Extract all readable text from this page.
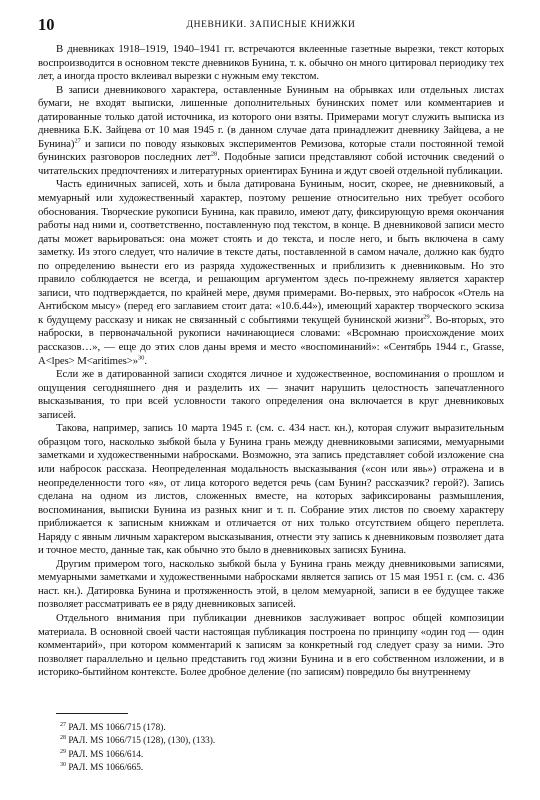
10	ДНЕВНИКИ. ЗАПИСНЫЕ КНИЖКИ

В дневниках 1918–1919, 1940–1941 гг. встречаются вклеенные газетные вырезки, текст которых воспроизводится в основном тексте дневников Бунина, т. к. обычно он много цитировал периодику тех лет, а иногда просто вклеивал вырезки с нужным ему текстом.

В записи дневникового характера, оставленные Буниным на обрывках или отдельных листах бумаги, не входят выписки, лишенные дополнительных бунинских помет или комментариев и датированные только датой источника, из которого они взяты. Примерами могут служить выписка из дневника Б.К. Зайцева от 10 мая 1945 г. (в данном случае дата принадлежит дневнику Зайцева, а не Бунина)$^{27}$ и записи по поводу языковых экспериментов Ремизова, которые стали постоянной темой бунинских разговоров последних лет$^{28}$. Подобные записи представляют собой источник сведений о читательских предпочтениях и литературных ориентирах Бунина и ждут своей отдельной публикации.

Часть единичных записей, хоть и была датирована Буниным, носит, скорее, не дневниковый, а мемуарный или художественный характер, поэтому решение относительно них требует особого обоснования. Творческие рукописи Бунина, как правило, имеют дату, фиксирующую время окончания работы над ними и, соответственно, поставленную под текстом, в конце. В дневниковой записи место даты может варьироваться: она может стоять и до текста, и после него, и быть включена в саму заметку. Из этого следует, что наличие в тексте даты, поставленной в самом начале, должно как будто по определению вынести его из разряда художественных и приблизить к дневниковым. Но это правило соблюдается не всегда, и решающим аргументом здесь по-прежнему является характер записи, что подтверждается, по крайней мере, двумя примерами. Во-первых, это набросок «Отель на Антибском мысу» (перед его заглавием стоит дата: «10.6.44»), имеющий характер творческого эскиза к будущему рассказу и никак не связанный с событиями текущей бунинской жизни$^{29}$. Во-вторых, это наброски, в первоначальной рукописи начинающиеся словами: «Всромнаю происхождение моих рассказов…», — еще до этих слов даны время и место «воспоминаний»: «Сентябрь 1944 г., Grasse, A<lpes> M<aritimes>»$^{30}$.

Если же в датированной записи сходятся личное и художественное, воспоминания о прошлом и ощущения сегодняшнего дня и разделить их — значит нарушить целостность запечатленного высказывания, то при всей условности такого определения она включается в круг дневниковых записей.

Такова, например, запись 10 марта 1945 г. (см. с. 434 наст. кн.), которая служит выразительным образцом того, насколько зыбкой была у Бунина грань между дневниковыми записями, мемуарными заметками и художественными набросками. Возможно, эта запись представляет собой изложение сна или набросок рассказа. Неопределенная модальность высказывания («сон или явь») отражена и в неопределенности того «я», от лица которого ведется речь (сам Бунин? рассказчик? герой?). Запись сделана на одном из листов, сложенных вместе, на которых зафиксированы размышления, воспоминания, выписки Бунина из разных книг и т. п. Собрание этих листов по своему характеру приближается к записным книжкам и отличается от них только отсутствием общего переплета. Наряду с явным личным характером высказывания, отнести эту запись к дневниковым позволяет дата и точное место, данные так, как обычно это было в дневниковых записях Бунина.

Другим примером того, насколько зыбкой была у Бунина грань между дневниковыми записями, мемуарными заметками и художественными набросками является запись от 15 мая 1951 г. (см. с. 436 наст. кн.). Датировка Бунина и протяженность этой, в целом мемуарной, записи в ее будущее также позволяет рассматривать ее в ряду дневниковых записей.

Отдельного внимания при публикации дневников заслуживает вопрос общей композиции материала. В основной своей части настоящая публикация построена по принципу «один год — один комментарий», при котором комментарий к записям за конкретный год следует сразу за ними. Это позволяет параллельно и цельно представить год жизни Бунина и в его собственном изложении, и в историко-бытийном контексте. Более дробное деление (по записям) повредило бы внутреннему

$^{27}$ РАЛ. MS 1066/715 (178).
$^{28}$ РАЛ. MS 1066/715 (128), (130), (133).
$^{29}$ РАЛ. MS 1066/614.
$^{30}$ РАЛ. MS 1066/665.
